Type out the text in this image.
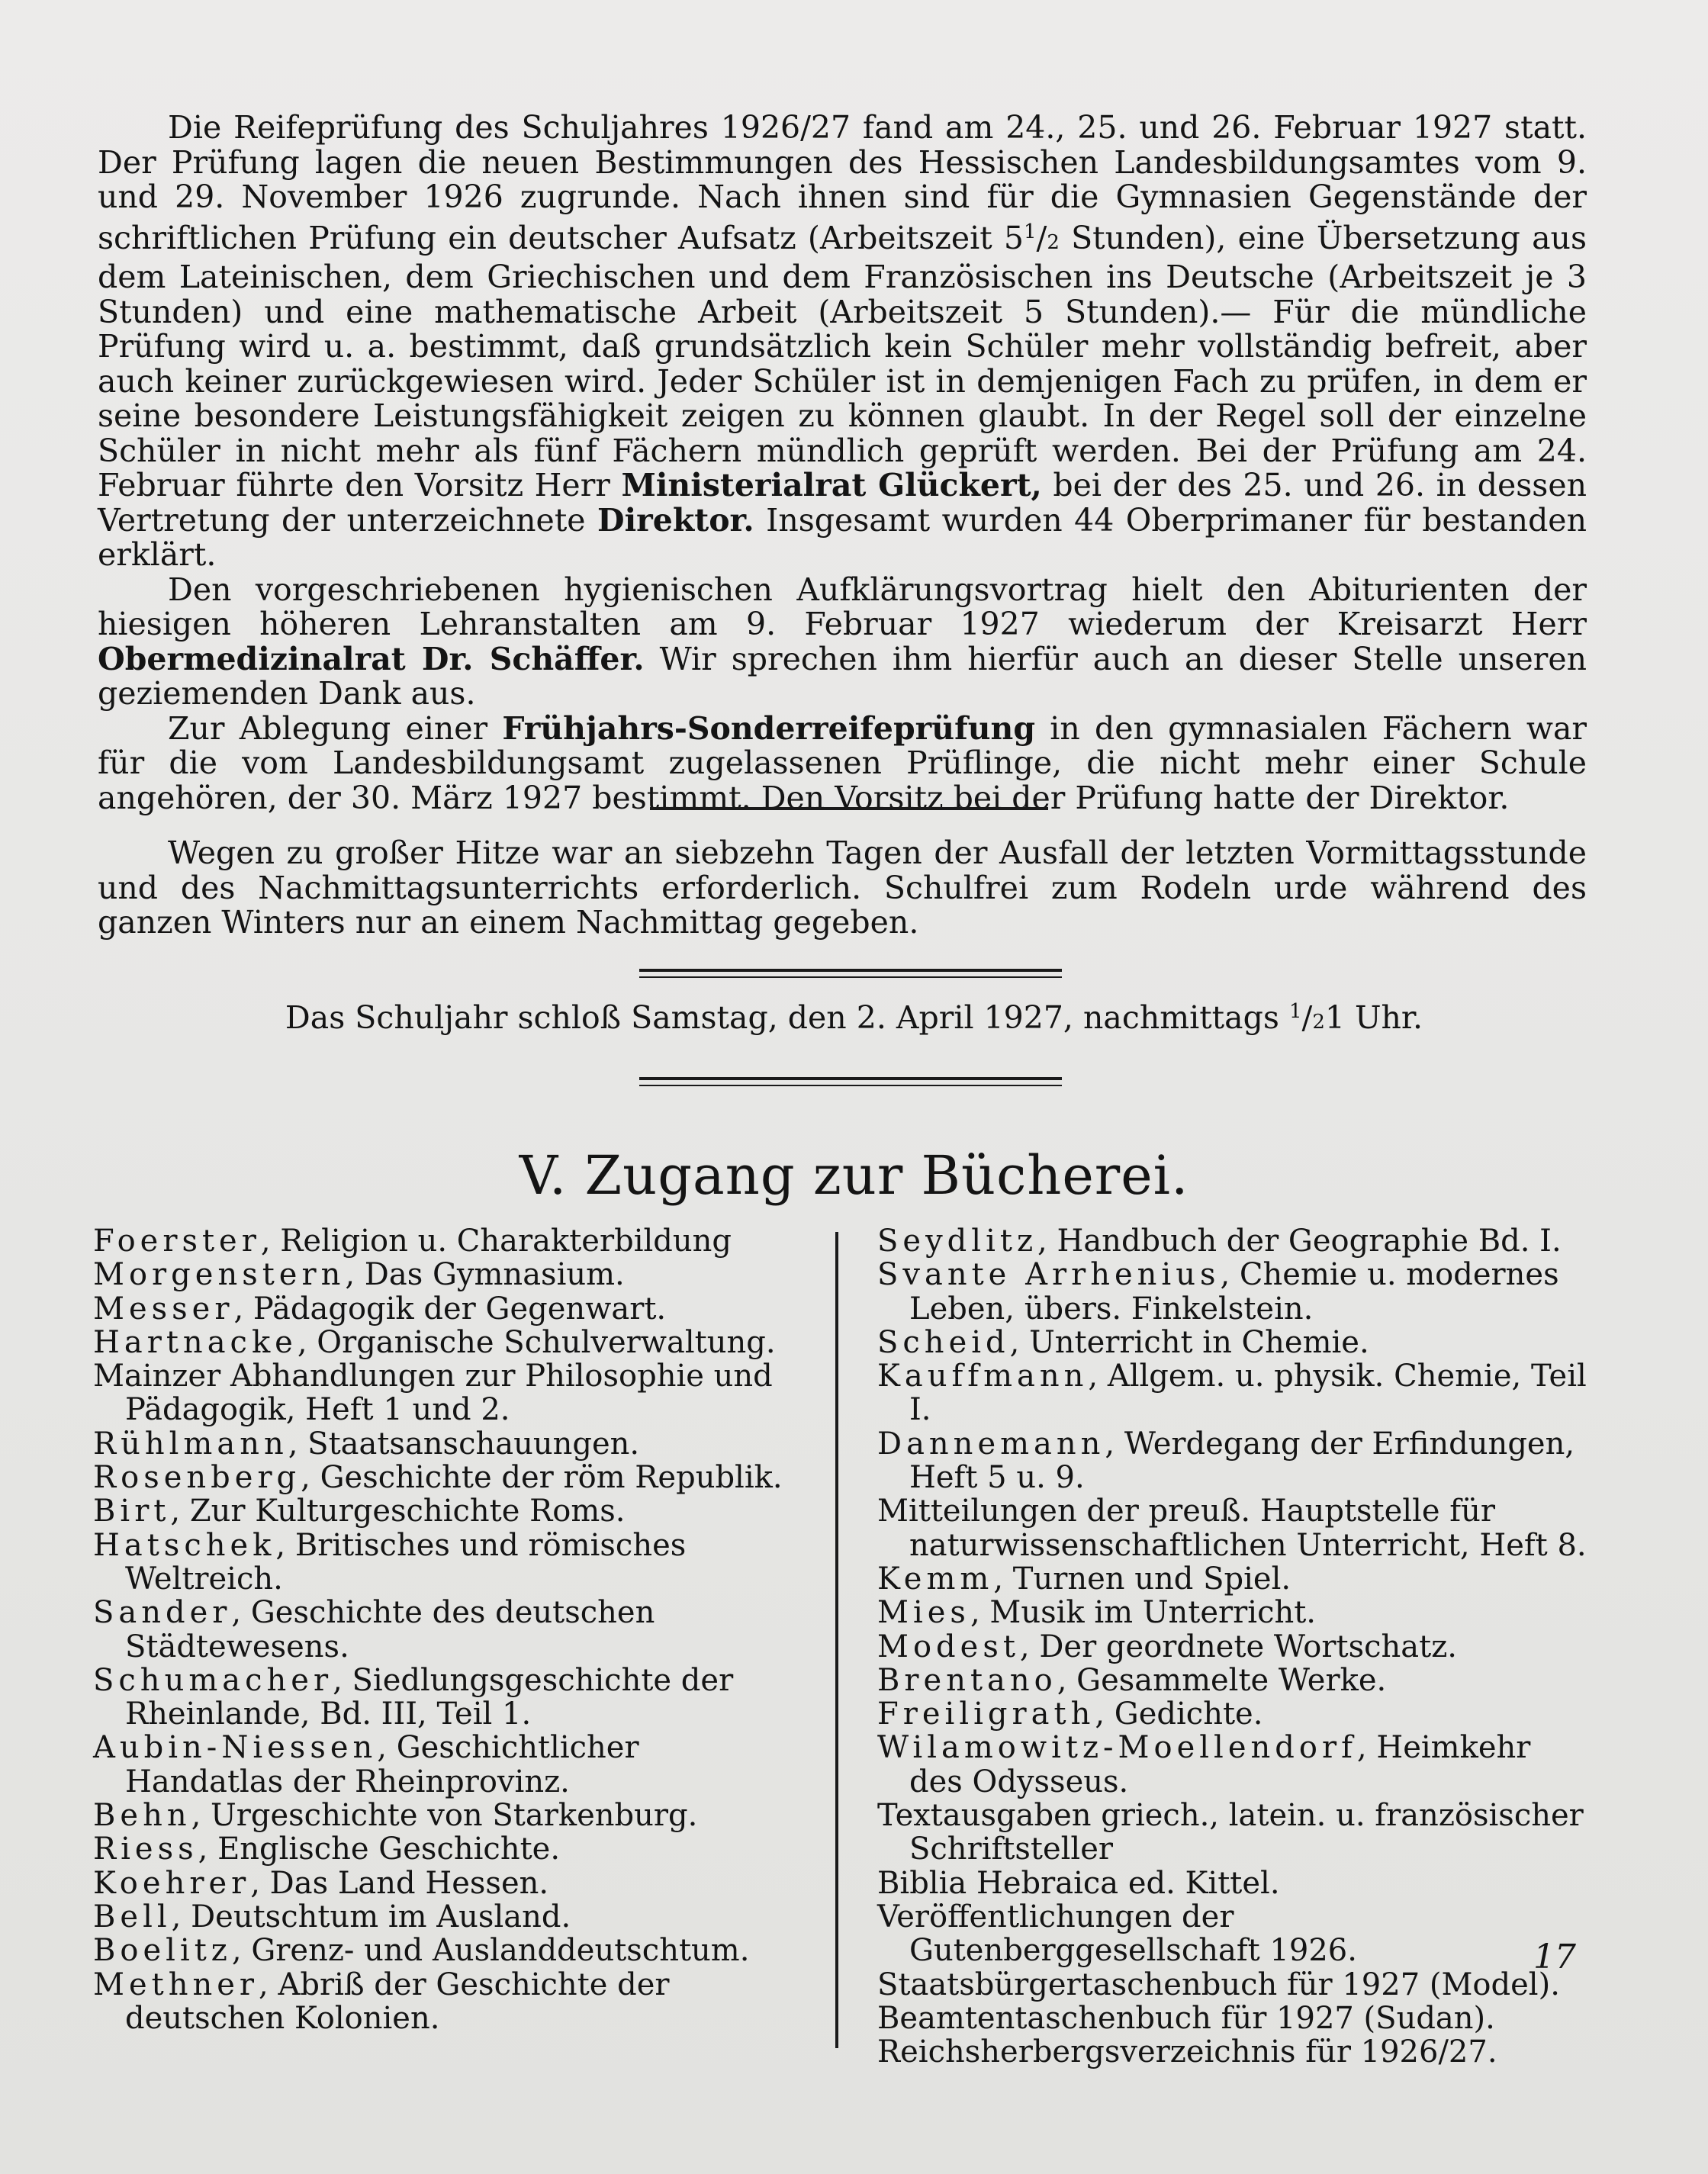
Die Reifeprüfung des Schuljahres 1926/27 fand am 24., 25. und 26. Februar 1927 statt. Der Prüfung lagen die neuen Bestimmungen des Hessischen Landesbildungsamtes vom 9. und 29. November 1926 zugrunde. Nach ihnen sind für die Gymnasien Gegenstände der schriftlichen Prüfung ein deutscher Aufsatz (Arbeitszeit $5^1/2$ Stunden), eine Übersetzung aus dem Lateinischen, dem Griechischen und dem Französischen ins Deutsche (Arbeitszeit je 3 Stunden) und eine mathematische Arbeit (Arbeitszeit 5 Stunden).— Für die mündliche Prüfung wird u. a. bestimmt, daß grundsätzlich kein Schüler mehr vollständig befreit, aber auch keiner zurückgewiesen wird. Jeder Schüler ist in demjenigen Fach zu prüfen, in dem er seine besondere Leistungsfähigkeit zeigen zu können glaubt. In der Regel soll der einzelne Schüler in nicht mehr als fünf Fächern mündlich geprüft werden. Bei der Prüfung am 24. Februar führte den Vorsitz Herr Ministerialrat Glückert, bei der des 25. und 26. in dessen Vertretung der unterzeichnete Direktor. Insgesamt wurden 44 Oberprimaner für bestanden erklärt.

Den vorgeschriebenen hygienischen Aufklärungsvortrag hielt den Abiturienten der hiesigen höheren Lehranstalten am 9. Februar 1927 wiederum der Kreisarzt Herr Obermedizinalrat Dr. Schäffer. Wir sprechen ihm hierfür auch an dieser Stelle unseren geziemenden Dank aus.

Zur Ablegung einer Frühjahrs-Sonderreifeprüfung in den gymnasialen Fächern war für die vom Landesbildungsamt zugelassenen Prüflinge, die nicht mehr einer Schule angehören, der 30. März 1927 bestimmt. Den Vorsitz bei der Prüfung hatte der Direktor.

Wegen zu großer Hitze war an siebzehn Tagen der Ausfall der letzten Vormittagsstunde und des Nachmittagsunterrichts erforderlich. Schulfrei zum Rodeln urde während des ganzen Winters nur an einem Nachmittag gegeben.

Das Schuljahr schloß Samstag, den 2. April 1927, nachmittags $^1$/21 Uhr.
V. Zugang zur Bücherei.

Foerster, Religion u. Charakterbildung

Morgenstern, Das Gymnasium.

Messer, Pädagogik der Gegenwart.

Hartnacke, Organische Schulverwaltung.

Mainzer Abhandlungen zur Philosophie und Pädagogik, Heft 1 und 2.

Rühlmann, Staatsanschauungen.

Rosenberg, Geschichte der röm Republik.

Birt, Zur Kulturgeschichte Roms.

Hatschek, Britisches und römisches Weltreich.

Sander, Geschichte des deutschen Städtewesens.

Schumacher, Siedlungsgeschichte der Rheinlande, Bd. III, Teil 1.

Aubin-Niessen, Geschichtlicher Handatlas der Rheinprovinz.

Behn, Urgeschichte von Starkenburg.

Riess, Englische Geschichte.

Koehrer, Das Land Hessen.

Bell, Deutschtum im Ausland.

Boelitz, Grenz- und Auslanddeutschtum.

Methner, Abriß der Geschichte der deutschen Kolonien.

Seydlitz, Handbuch der Geographie Bd. I.

Svante Arrhenius, Chemie u. modernes Leben, übers. Finkelstein.

Scheid, Unterricht in Chemie.

Kauffmann, Allgem. u. physik. Chemie, Teil I.

Dannemann, Werdegang der Erfindungen, Heft 5 u. 9.

Mitteilungen der preuß. Hauptstelle für naturwissenschaftlichen Unterricht, Heft 8.

Kemm, Turnen und Spiel.

Mies, Musik im Unterricht.

Modest, Der geordnete Wortschatz.

Brentano, Gesammelte Werke.

Freiligrath, Gedichte.

Wilamowitz-Moellendorf, Heimkehr des Odysseus.

Textausgaben griech., latein. u. französischer Schriftsteller

Biblia Hebraica ed. Kittel.

Veröffentlichungen der Gutenberggesellschaft 1926.

Staatsbürgertaschenbuch für 1927 (Model).

Beamtentaschenbuch für 1927 (Sudan).

Reichsherbergsverzeichnis für 1926/27.

17
